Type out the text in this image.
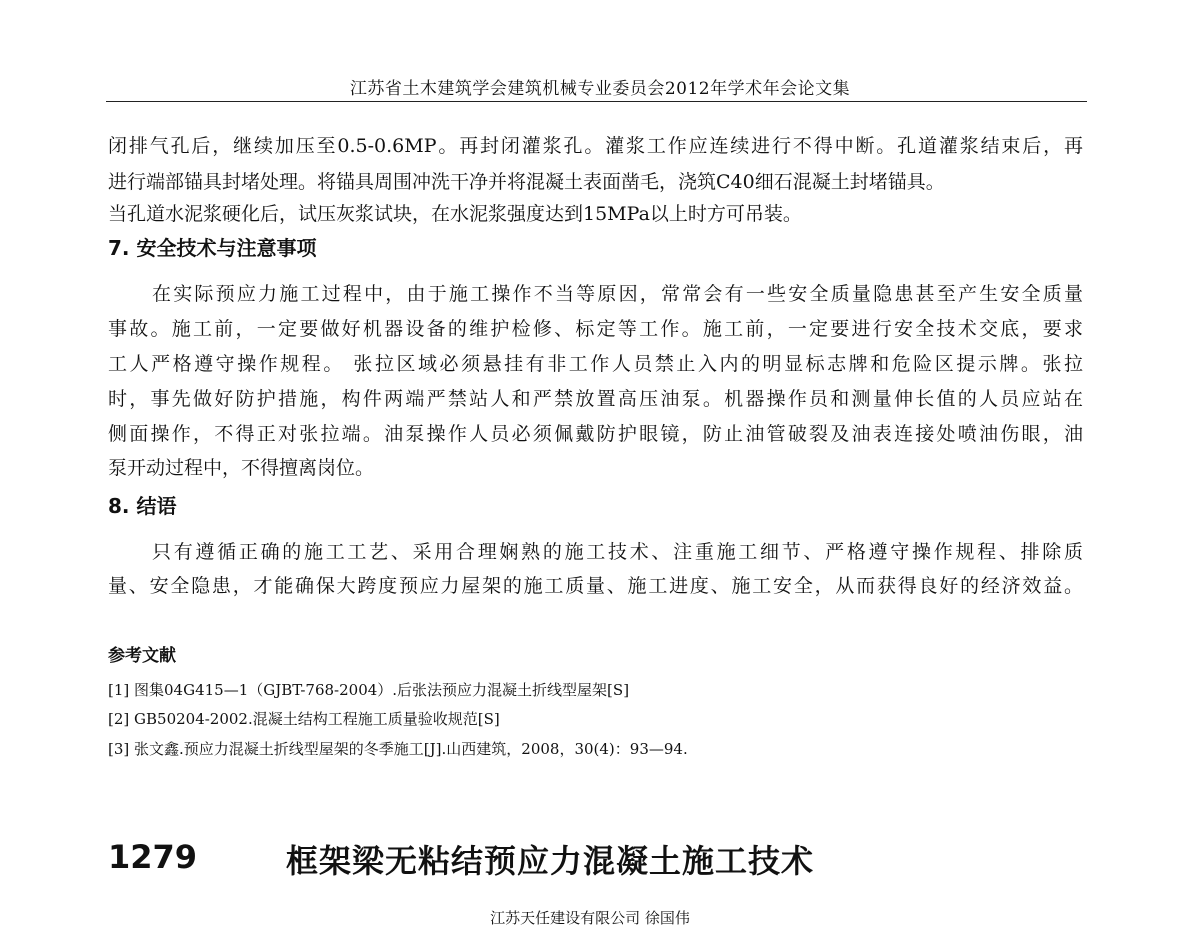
江苏省土木建筑学会建筑机械专业委员会2012年学术年会论文集
闭排气孔后，继续加压至0.5-0.6MP。再封闭灌浆孔。灌浆工作应连续进行不得中断。孔道灌浆结束后，再
进行端部锚具封堵处理。将锚具周围冲洗干净并将混凝土表面凿毛，浇筑C40细石混凝土封堵锚具。
当孔道水泥浆硬化后，试压灰浆试块，在水泥浆强度达到15MPa以上时方可吊装。
7. 安全技术与注意事项
在实际预应力施工过程中，由于施工操作不当等原因，常常会有一些安全质量隐患甚至产生安全质量
事故。施工前，一定要做好机器设备的维护检修、标定等工作。施工前，一定要进行安全技术交底，要求
工人严格遵守操作规程。 张拉区域必须悬挂有非工作人员禁止入内的明显标志牌和危险区提示牌。张拉
时，事先做好防护措施，构件两端严禁站人和严禁放置高压油泵。机器操作员和测量伸长值的人员应站在
侧面操作，不得正对张拉端。油泵操作人员必须佩戴防护眼镜，防止油管破裂及油表连接处喷油伤眼，油
泵开动过程中，不得擅离岗位。
8. 结语
只有遵循正确的施工工艺、采用合理娴熟的施工技术、注重施工细节、严格遵守操作规程、排除质
量、安全隐患，才能确保大跨度预应力屋架的施工质量、施工进度、施工安全，从而获得良好的经济效益。
参考文献
[1] 图集04G415—1（GJBT-768-2004）.后张法预应力混凝土折线型屋架[S]
[2] GB50204-2002.混凝土结构工程施工质量验收规范[S]
[3] 张文鑫.预应力混凝土折线型屋架的冬季施工[J].山西建筑，2008，30(4)：93—94.
1279	框架梁无粘结预应力混凝土施工技术
江苏天任建设有限公司 徐国伟
